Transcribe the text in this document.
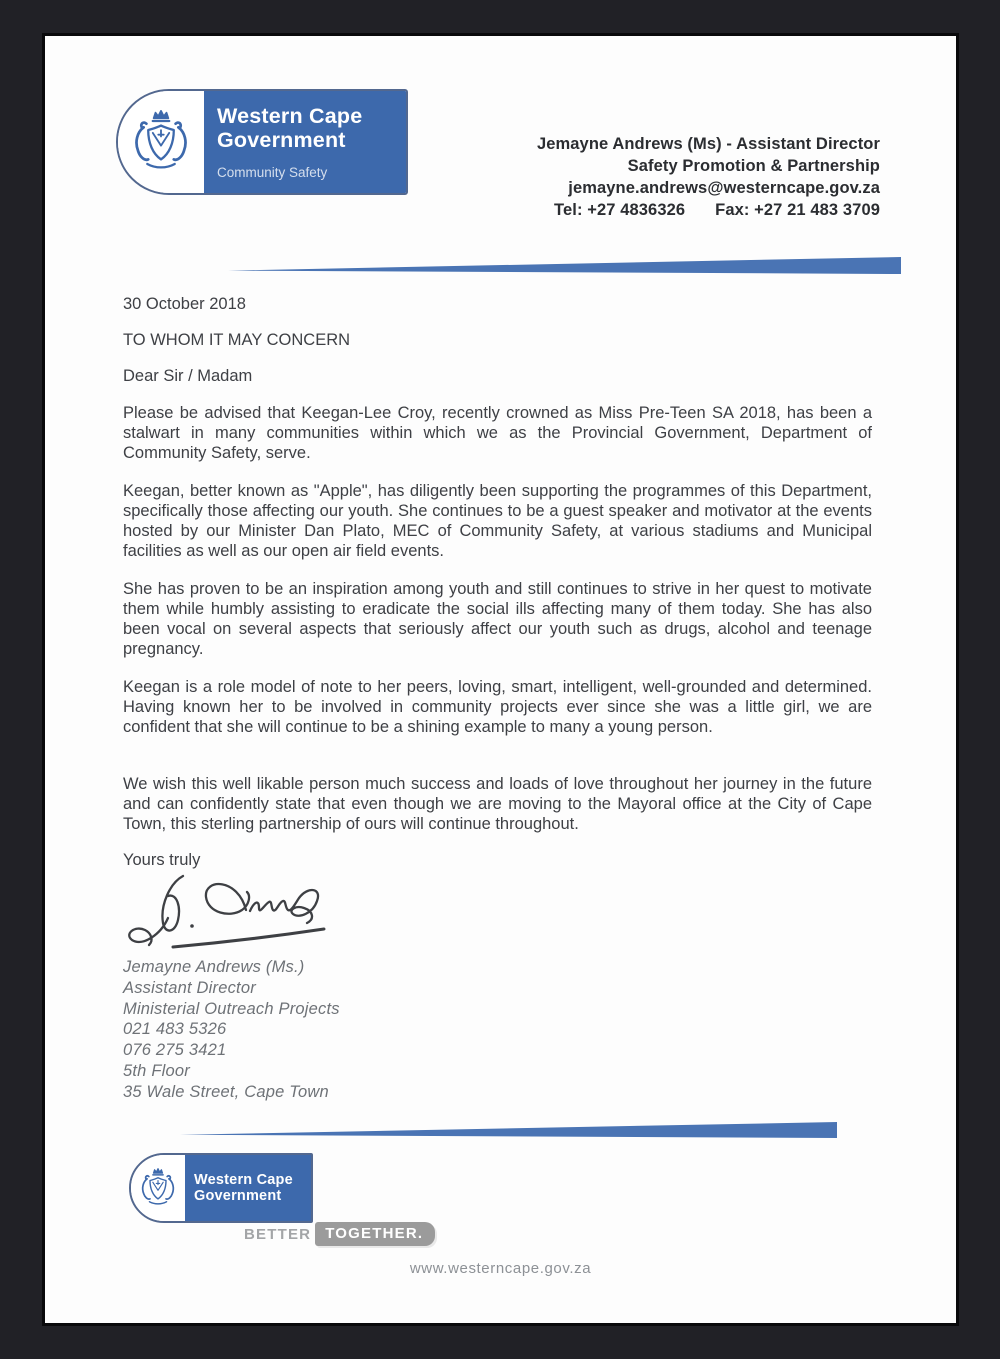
Western Cape
Government
Community Safety
Jemayne Andrews (Ms) - Assistant Director
Safety Promotion & Partnership
jemayne.andrews@westerncape.gov.za
Tel: +27 4836326 Fax: +27 21 483 3709
30 October 2018
TO WHOM IT MAY CONCERN
Dear Sir / Madam
Please be advised that Keegan-Lee Croy, recently crowned as Miss Pre-Teen SA 2018, has been a stalwart in many communities within which we as the Provincial Government, Department of Community Safety, serve.
Keegan, better known as "Apple", has diligently been supporting the programmes of this Department, specifically those affecting our youth. She continues to be a guest speaker and motivator at the events hosted by our Minister Dan Plato, MEC of Community Safety, at various stadiums and Municipal facilities as well as our open air field events.
She has proven to be an inspiration among youth and still continues to strive in her quest to motivate them while humbly assisting to eradicate the social ills affecting many of them today. She has also been vocal on several aspects that seriously affect our youth such as drugs, alcohol and teenage pregnancy.
Keegan is a role model of note to her peers, loving, smart, intelligent, well-grounded and determined. Having known her to be involved in community projects ever since she was a little girl, we are confident that she will continue to be a shining example to many a young person.
We wish this well likable person much success and loads of love throughout her journey in the future and can confidently state that even though we are moving to the Mayoral office at the City of Cape Town, this sterling partnership of ours will continue throughout.
Yours truly
Jemayne Andrews (Ms.)
Assistant Director
Ministerial Outreach Projects
021 483 5326
076 275 3421
5th Floor
35 Wale Street, Cape Town
Western Cape
Government
BETTER TOGETHER.
www.westerncape.gov.za
